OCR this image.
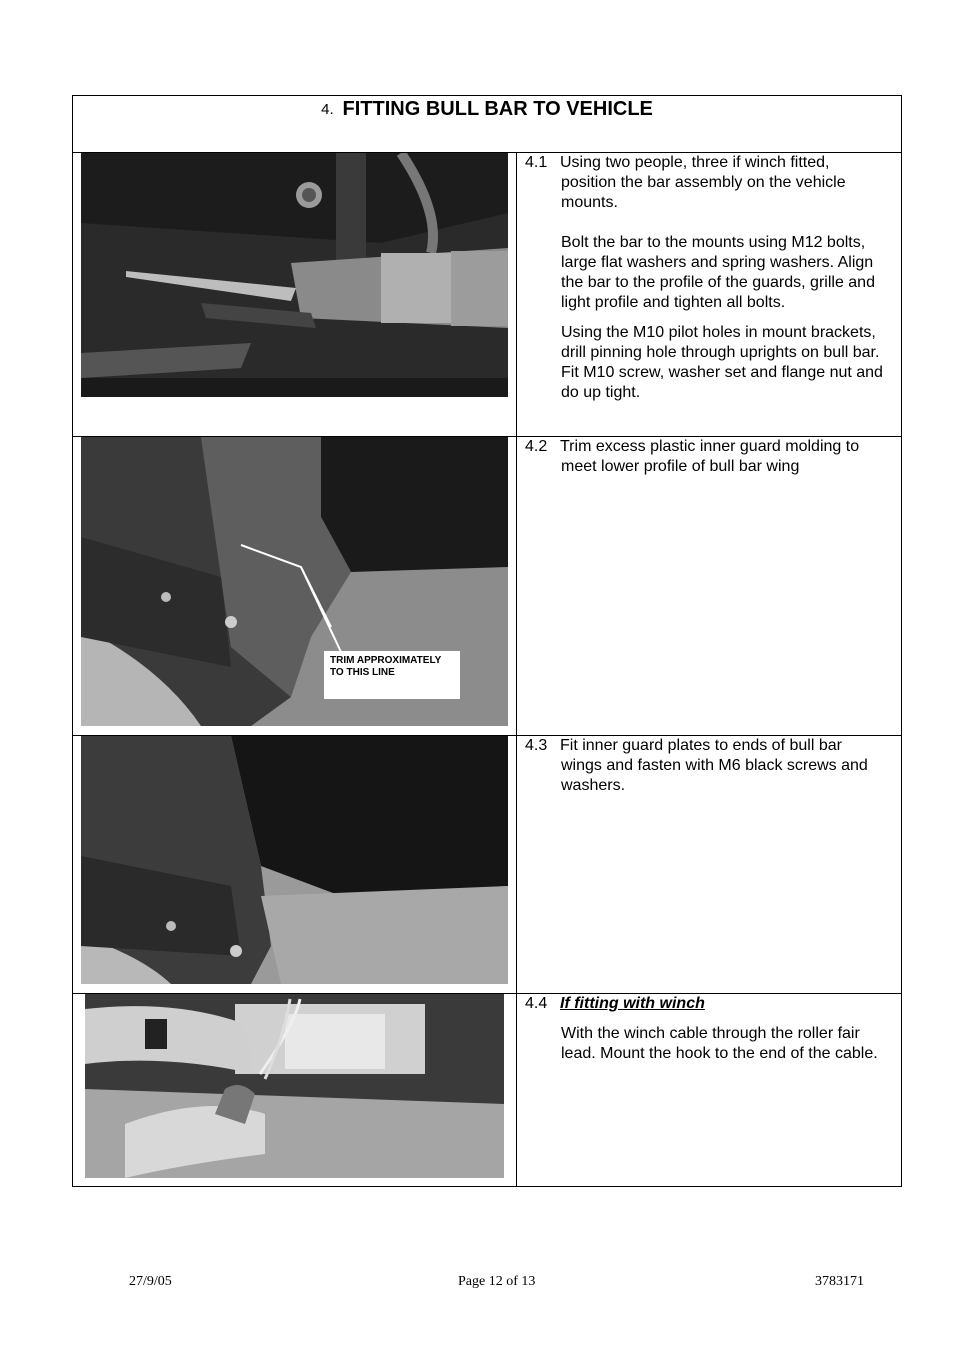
4. FITTING BULL BAR TO VEHICLE

4.1 Using two people, three if winch fitted,

position the bar assembly on the vehicle mounts.

Bolt the bar to the mounts using M12 bolts, large flat washers and spring washers. Align the bar to the profile of the guards, grille and light profile and tighten all bolts.

Using the M10 pilot holes in mount brackets, drill pinning hole through uprights on bull bar. Fit M10 screw, washer set and flange nut and do up tight.

TRIM APPROXIMATELY
TO THIS LINE

4.2 Trim excess plastic inner guard molding to

meet lower profile of bull bar wing

4.3 Fit inner guard plates to ends of bull bar

wings and fasten with M6 black screws and washers.

4.4 If fitting with winch

With the winch cable through the roller fair lead. Mount the hook to the end of the cable.

27/9/05	Page 12 of 13	3783171
